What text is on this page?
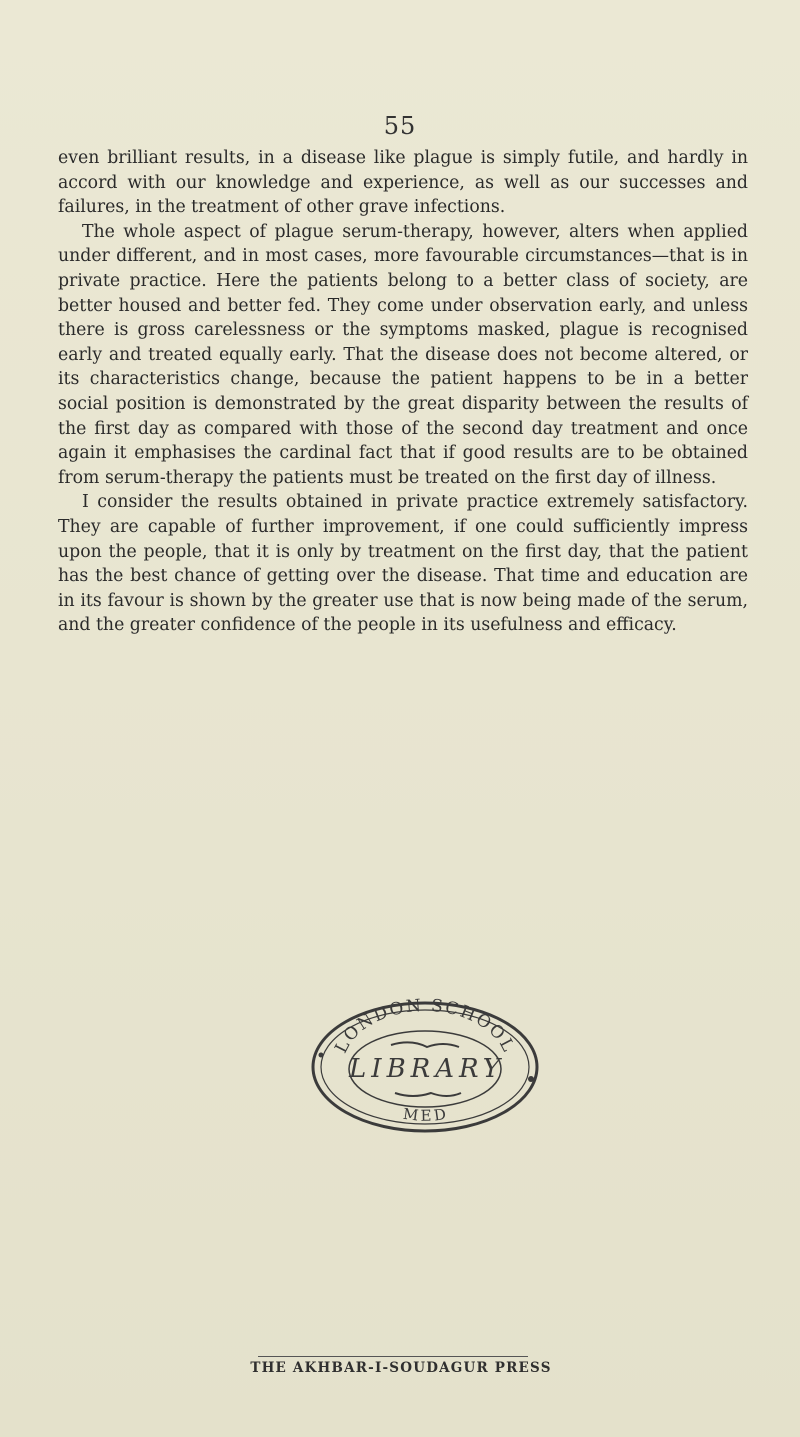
55

even brilliant results, in a disease like plague is simply futile, and hardly in accord with our knowledge and experience, as well as our successes and failures, in the treatment of other grave infections.

The whole aspect of plague serum-therapy, however, alters when applied under different, and in most cases, more favourable circumstances—that is in private practice. Here the patients belong to a better class of society, are better housed and better fed. They come under observation early, and unless there is gross carelessness or the symptoms masked, plague is recognised early and treated equally early. That the disease does not become altered, or its characteristics change, because the patient happens to be in a better social position is demonstrated by the great disparity between the results of the first day as compared with those of the second day treatment and once again it emphasises the cardinal fact that if good results are to be obtained from serum-therapy the patients must be treated on the first day of illness.

I consider the results obtained in private practice extremely satisfactory. They are capable of further improvement, if one could sufficiently impress upon the people, that it is only by treatment on the first day, that the patient has the best chance of getting over the disease. That time and education are in its favour is shown by the greater use that is now being made of the serum, and the greater confidence of the people in its usefulness and efficacy.

LONDON SCHOOL
LIBRARY
MED
THE AKHBAR-I-SOUDAGUR PRESS
